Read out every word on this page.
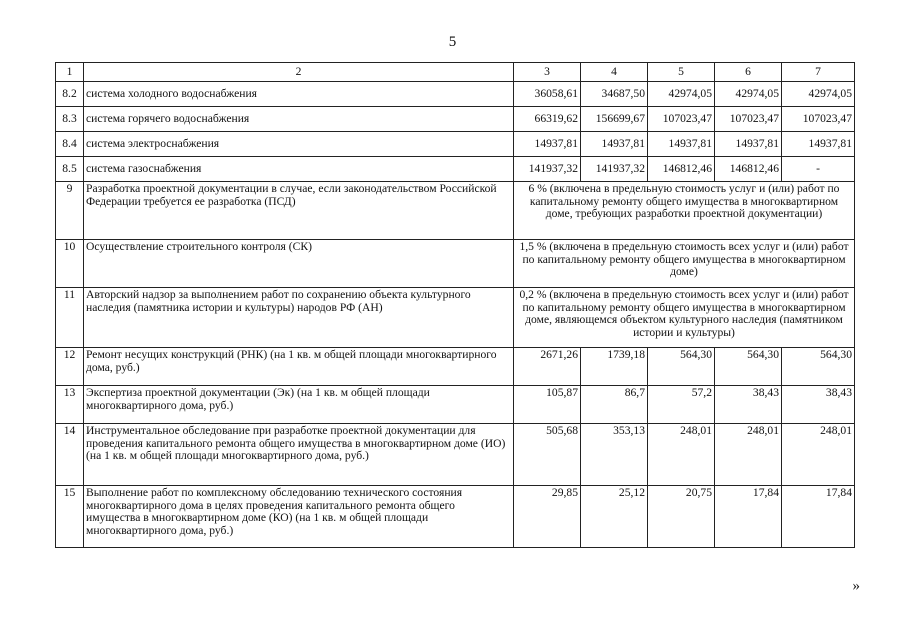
5
1	2	3	4	5	6	7
8.2	система холодного водоснабжения	36058,61	34687,50	42974,05	42974,05	42974,05
8.3	система горячего водоснабжения	66319,62	156699,67	107023,47	107023,47	107023,47
8.4	система электроснабжения	14937,81	14937,81	14937,81	14937,81	14937,81
8.5	система газоснабжения	141937,32	141937,32	146812,46	146812,46	-
9	Разработка проектной документации в случае, если законодательством Российской Федерации требуется ее разработка (ПСД)	6 % (включена в предельную стоимость услуг и (или) работ по капитальному ремонту общего имущества в многоквартирном доме, требующих разработки проектной документации)				
10	Осуществление строительного контроля (СК)	1,5 % (включена в предельную стоимость всех услуг и (или) работ по капитальному ремонту общего имущества в многоквартирном доме)				
11	Авторский надзор за выполнением работ по сохранению объекта культурного наследия (памятника истории и культуры) народов РФ (АН)	0,2 % (включена в предельную стоимость всех услуг и (или) работ по капитальному ремонту общего имущества в многоквартирном доме, являющемся объектом культурного наследия (памятником истории и культуры)				
12	Ремонт несущих конструкций (РНК) (на 1 кв. м общей площади многоквартирного дома, руб.)	2671,26	1739,18	564,30	564,30	564,30
13	Экспертиза проектной документации (Эк) (на 1 кв. м общей площади многоквартирного дома, руб.)	105,87	86,7	57,2	38,43	38,43
14	Инструментальное обследование при разработке проектной документации для проведения капитального ремонта общего имущества в многоквартирном доме (ИО) (на 1 кв. м общей площади многоквартирного дома, руб.)	505,68	353,13	248,01	248,01	248,01
15	Выполнение работ по комплексному обследованию технического состояния многоквартирного дома в целях проведения капитального ремонта общего имущества в многоквартирном доме (КО) (на 1 кв. м общей площади многоквартирного дома, руб.)	29,85	25,12	20,75	17,84	17,84
»
